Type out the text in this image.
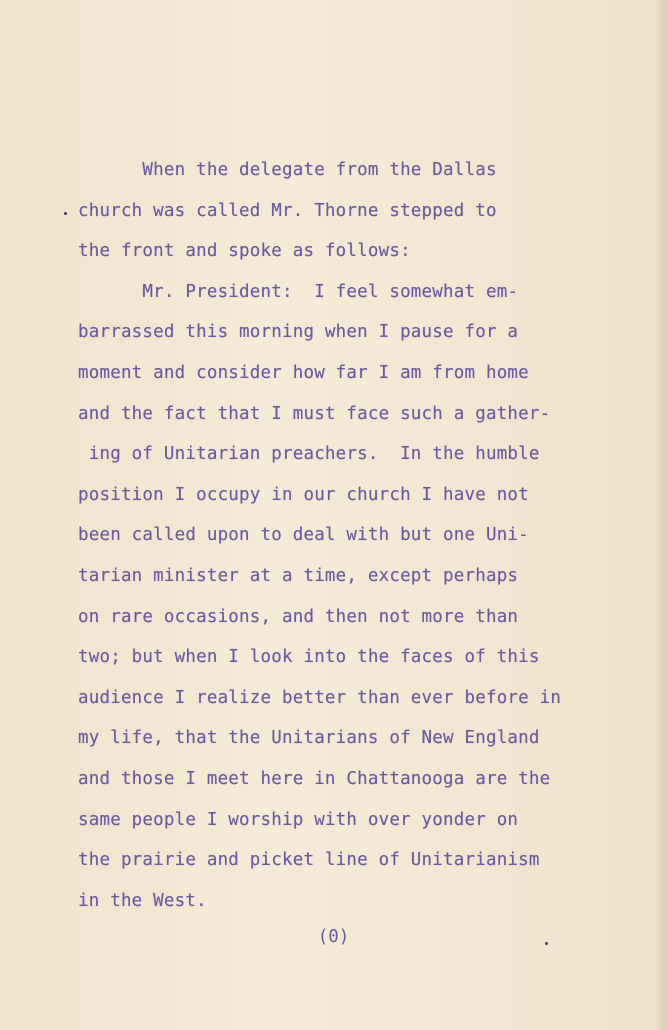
When the delegate from the Dallas
church was called Mr. Thorne stepped to
the front and spoke as follows:
Mr. President:  I feel somewhat em-
barrassed this morning when I pause for a
moment and consider how far I am from home
and the fact that I must face such a gather-
ing of Unitarian preachers.  In the humble
position I occupy in our church I have not
been called upon to deal with but one Uni-
tarian minister at a time, except perhaps
on rare occasions, and then not more than
two; but when I look into the faces of this
audience I realize better than ever before in
my life, that the Unitarians of New England
and those I meet here in Chattanooga are the
same people I worship with over yonder on
the prairie and picket line of Unitarianism
in the West.
(0)
